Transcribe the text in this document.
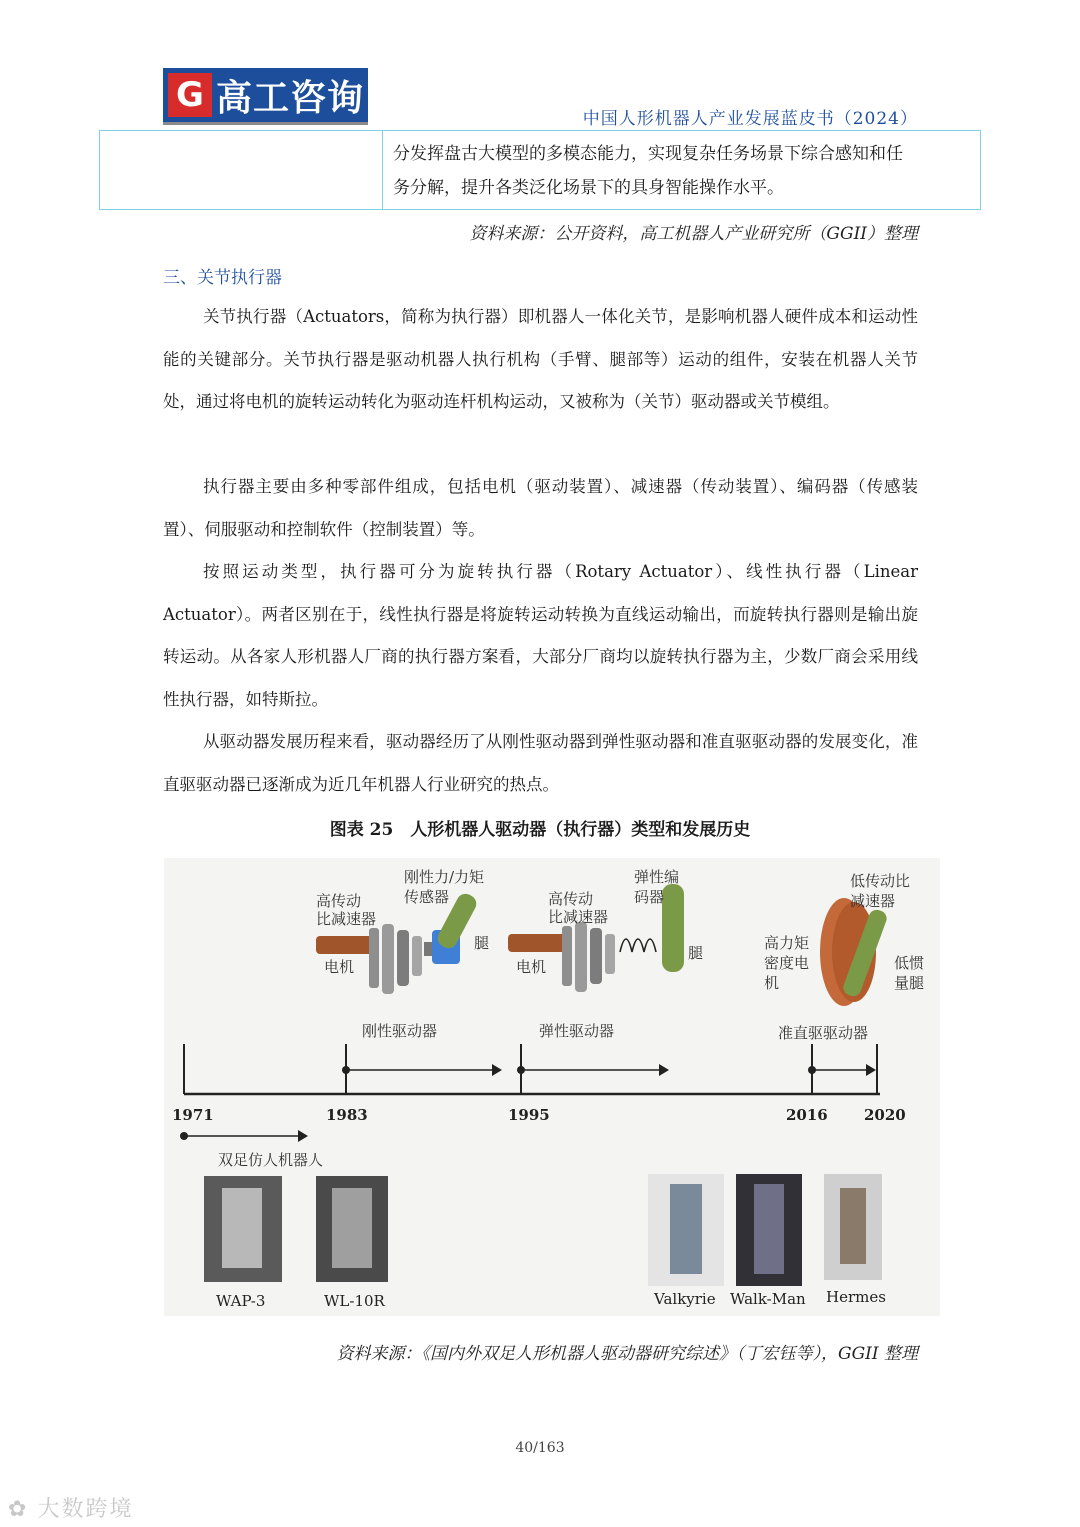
G 高工咨询
中国人形机器人产业发展蓝皮书（2024）
分发挥盘古大模型的多模态能力，实现复杂任务场景下综合感知和任
务分解，提升各类泛化场景下的具身智能操作水平。
资料来源：公开资料，高工机器人产业研究所（GGII）整理
三、关节执行器
关节执行器（Actuators，简称为执行器）即机器人一体化关节，是影响机器人硬件成本和运动性能的关键部分。关节执行器是驱动机器人执行机构（手臂、腿部等）运动的组件，安装在机器人关节处，通过将电机的旋转运动转化为驱动连杆机构运动，又被称为（关节）驱动器或关节模组。
执行器主要由多种零部件组成，包括电机（驱动装置）、减速器（传动装置）、编码器（传感装置）、伺服驱动和控制软件（控制装置）等。
按照运动类型，执行器可分为旋转执行器（Rotary Actuator）、线性执行器（Linear Actuator）。两者区别在于，线性执行器是将旋转运动转换为直线运动输出，而旋转执行器则是输出旋转运动。从各家人形机器人厂商的执行器方案看，大部分厂商均以旋转执行器为主，少数厂商会采用线性执行器，如特斯拉。
从驱动器发展历程来看，驱动器经历了从刚性驱动器到弹性驱动器和准直驱驱动器的发展变化，准直驱驱动器已逐渐成为近几年机器人行业研究的热点。
图表 25　人形机器人驱动器（执行器）类型和发展历史
高传动
比减速器
刚性力/力矩
传感器
电机
腿
高传动
比减速器
弹性编
码器
电机
腿
高力矩
密度电
机
低传动比
减速器
低惯
量腿
刚性驱动器	弹性驱动器	准直驱驱动器
1971	1983	1995	2016 2020
双足仿人机器人
WAP-3	WL-10R	Valkyrie Walk-Man Hermes
资料来源：《国内外双足人形机器人驱动器研究综述》（丁宏钰等），GGII 整理
40/163
✿ 大数跨境
